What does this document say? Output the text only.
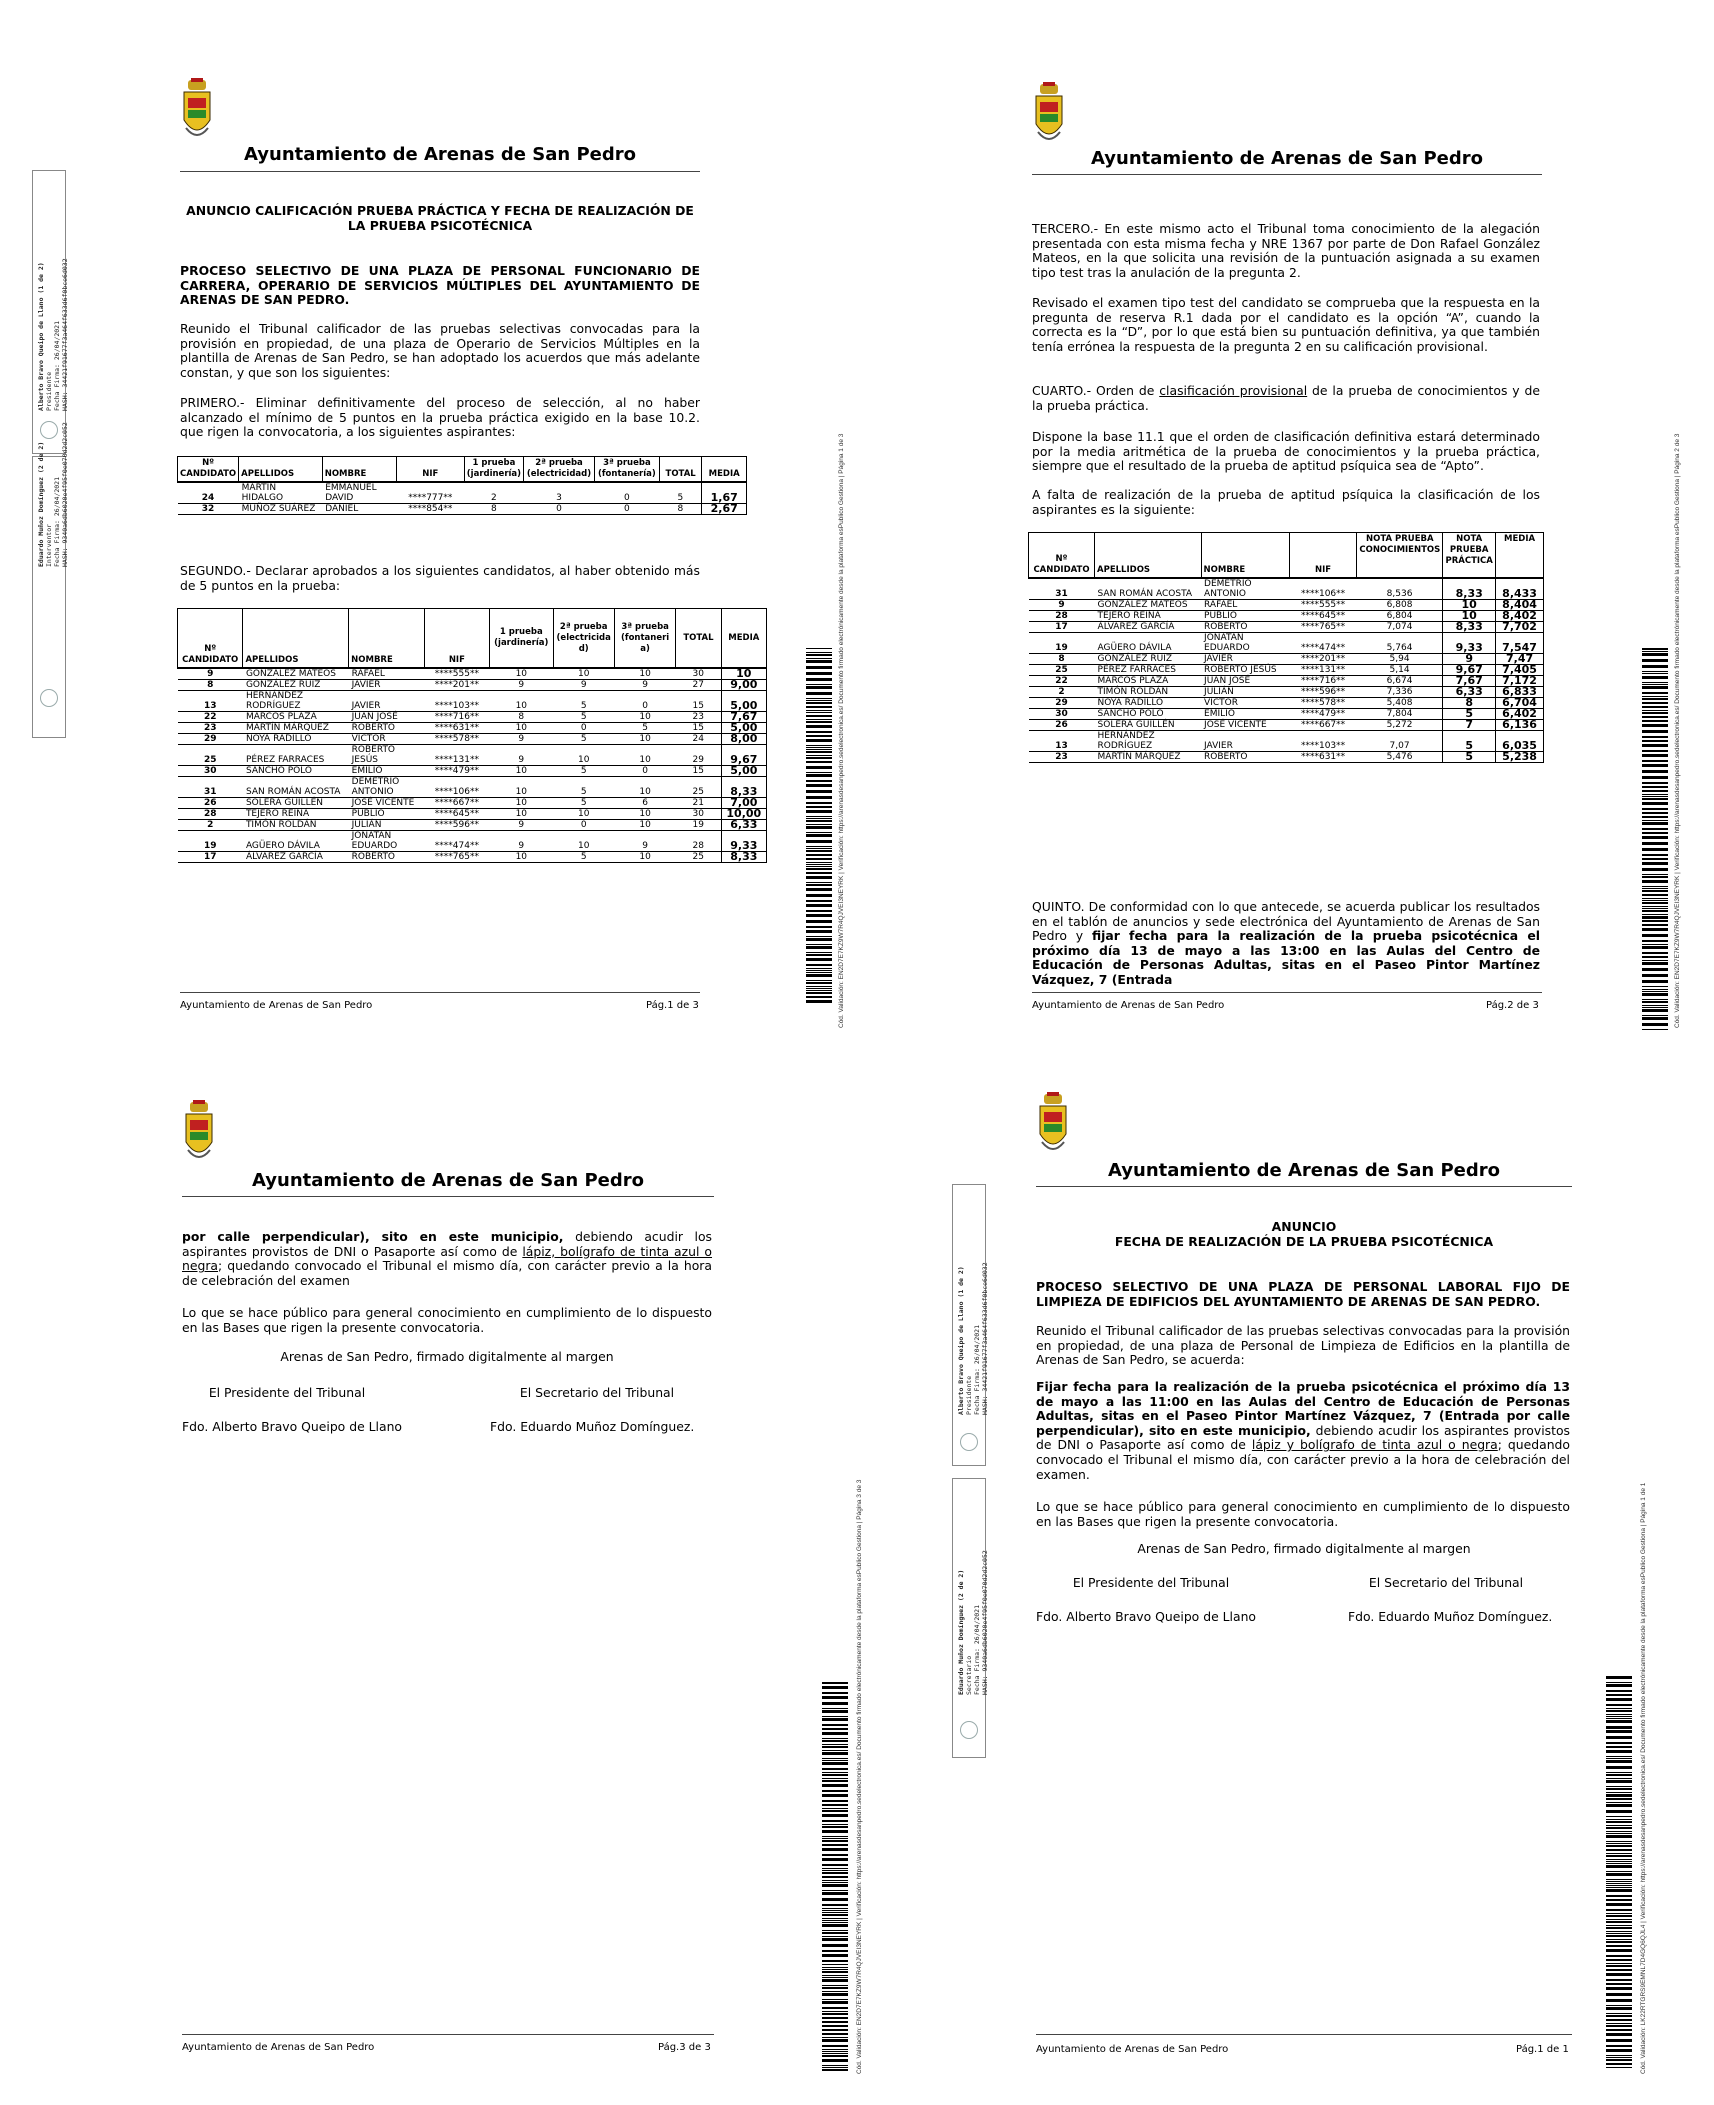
Ayuntamiento de Arenas de San Pedro
ANUNCIO CALIFICACIÓN PRUEBA PRÁCTICA Y FECHA DE REALIZACIÓN DE LA PRUEBA PSICOTÉCNICA
PROCESO SELECTIVO DE UNA PLAZA DE PERSONAL FUNCIONARIO DE CARRERA, OPERARIO DE SERVICIOS MÚLTIPLES DEL AYUNTAMIENTO DE ARENAS DE SAN PEDRO.
Reunido el Tribunal calificador de las pruebas selectivas convocadas para la provisión en propiedad, de una plaza de Operario de Servicios Múltiples en la plantilla de Arenas de San Pedro, se han adoptado los acuerdos que más adelante constan, y que son los siguientes:
PRIMERO.- Eliminar definitivamente del proceso de selección, al no haber alcanzado el mínimo de 5 puntos en la prueba práctica exigido en la base 10.2. que rigen la convocatoria, a los siguientes aspirantes:
Nº CANDIDATO	APELLIDOS	NOMBRE	NIF	1 prueba (jardinería)	2ª prueba (electricidad)	3ª prueba (fontanería)	TOTAL	MEDIA
24	MARTÍN HIDALGO	EMMANUEL DAVID	****777**	2	3	0	5	1,67
32	MUÑOZ SUÁREZ	DANIEL	****854**	8	0	0	8	2,67
SEGUNDO.- Declarar aprobados a los siguientes candidatos, al haber obtenido más de 5 puntos en la prueba:
Nº CANDIDATO	APELLIDOS	NOMBRE	NIF	1 prueba (jardinería)	2ª prueba (electricida d)	3ª prueba (fontaneri a)	TOTAL	MEDIA
9	GONZÁLEZ MATEOS	RAFAEL	****555**	10	10	10	30	10
8	GONZÁLEZ RUIZ	JAVIER	****201**	9	9	9	27	9,00
13	HERNÁNDEZ RODRÍGUEZ	JAVIER	****103**	10	5	0	15	5,00
22	MARCOS PLAZA	JUAN JOSÉ	****716**	8	5	10	23	7,67
23	MARTÍN MÁRQUEZ	ROBERTO	****631**	10	0	5	15	5,00
29	NOYA RADILLO	VICTOR	****578**	9	5	10	24	8,00
25	PÉREZ FARRACES	ROBERTO JESÚS	****131**	9	10	10	29	9,67
30	SANCHO POLO	EMILIO	****479**	10	5	0	15	5,00
31	SAN ROMÁN ACOSTA	DEMETRIO ANTONIO	****106**	10	5	10	25	8,33
26	SOLERA GUILLÉN	JOSÉ VICENTE	****667**	10	5	6	21	7,00
28	TEJERO REINA	PUBLIO	****645**	10	10	10	30	10,00
2	TIMÓN ROLDÁN	JULIÁN	****596**	9	0	10	19	6,33
19	AGÜERO DÁVILA	JONATAN EDUARDO	****474**	9	10	9	28	9,33
17	ÁLVAREZ GARCÍA	ROBERTO	****765**	10	5	10	25	8,33
Ayuntamiento de Arenas de San Pedro	Pág.1 de 3
Alberto Bravo Queipo de Llano (1 de 2) Presidente Fecha Firma: 26/04/2021 HASH: 34421f91677f3a464f633d6f0bce6d032
Eduardo Muñoz Domínguez (2 de 2) Interventor Fecha Firma: 26/04/2021 HASH: 9340a6db6020e4f95f0e070d2d2c052	Cód. Validación: EN2D7E7KZ9W7R4QJVEI3NEYRK | Verificación: https://arenasdesanpedro.sedelectronica.es/ Documento firmado electrónicamente desde la plataforma esPublico Gestiona | Página 1 de 3
Ayuntamiento de Arenas de San Pedro
TERCERO.- En este mismo acto el Tribunal toma conocimiento de la alegación presentada con esta misma fecha y NRE 1367 por parte de Don Rafael González Mateos, en la que solicita una revisión de la puntuación asignada a su examen tipo test tras la anulación de la pregunta 2.
Revisado el examen tipo test del candidato se comprueba que la respuesta en la pregunta de reserva R.1 dada por el candidato es la opción “A”, cuando la correcta es la “D”, por lo que está bien su puntuación definitiva, ya que también tenía errónea la respuesta de la pregunta 2 en su calificación provisional.
CUARTO.- Orden de clasificación provisional de la prueba de conocimientos y de la prueba práctica.
Dispone la base 11.1 que el orden de clasificación definitiva estará determinado por la media aritmética de la prueba de conocimientos y la prueba práctica, siempre que el resultado de la prueba de aptitud psíquica sea de “Apto”.
A falta de realización de la prueba de aptitud psíquica la clasificación de los aspirantes es la siguiente:
Nº CANDIDATO	APELLIDOS	NOMBRE	NIF	NOTA PRUEBA CONOCIMIENTOS	NOTA PRUEBA PRÁCTICA	MEDIA
31	SAN ROMÁN ACOSTA	DEMETRIO ANTONIO	****106**	8,536	8,33	8,433
9	GONZÁLEZ MATEOS	RAFAEL	****555**	6,808	10	8,404
28	TEJERO REINA	PUBLIO	****645**	6,804	10	8,402
17	ÁLVAREZ GARCÍA	ROBERTO	****765**	7,074	8,33	7,702
19	AGÜERO DÁVILA	JONATAN EDUARDO	****474**	5,764	9,33	7,547
8	GONZÁLEZ RUIZ	JAVIER	****201**	5,94	9	7,47
25	PÉREZ FARRACES	ROBERTO JESÚS	****131**	5,14	9,67	7,405
22	MARCOS PLAZA	JUAN JOSÉ	****716**	6,674	7,67	7,172
2	TIMÓN ROLDÁN	JULIÁN	****596**	7,336	6,33	6,833
29	NOYA RADILLO	VICTOR	****578**	5,408	8	6,704
30	SANCHO POLO	EMILIO	****479**	7,804	5	6,402
26	SOLERA GUILLÉN	JOSÉ VICENTE	****667**	5,272	7	6,136
13	HERNÁNDEZ RODRÍGUEZ	JAVIER	****103**	7,07	5	6,035
23	MARTÍN MÁRQUEZ	ROBERTO	****631**	5,476	5	5,238
QUINTO. De conformidad con lo que antecede, se acuerda publicar los resultados en el tablón de anuncios y sede electrónica del Ayuntamiento de Arenas de San Pedro y fijar fecha para la realización de la prueba psicotécnica el próximo día 13 de mayo a las 13:00 en las Aulas del Centro de Educación de Personas Adultas, sitas en el Paseo Pintor Martínez Vázquez, 7 (Entrada
Ayuntamiento de Arenas de San Pedro	Pág.2 de 3	Cód. Validación: EN2D7E7KZ9W7R4QJVEI3NEYRK | Verificación: https://arenasdesanpedro.sedelectronica.es/ Documento firmado electrónicamente desde la plataforma esPublico Gestiona | Página 2 de 3
Ayuntamiento de Arenas de San Pedro
por calle perpendicular), sito en este municipio, debiendo acudir los aspirantes provistos de DNI o Pasaporte así como de lápiz, bolígrafo de tinta azul o negra; quedando convocado el Tribunal el mismo día, con carácter previo a la hora de celebración del examen
Lo que se hace público para general conocimiento en cumplimiento de lo dispuesto en las Bases que rigen la presente convocatoria.
Arenas de San Pedro, firmado digitalmente al margen
El Presidente del Tribunal	El Secretario del Tribunal
Fdo. Alberto Bravo Queipo de Llano	Fdo. Eduardo Muñoz Domínguez.
Ayuntamiento de Arenas de San Pedro	Pág.3 de 3	Cód. Validación: EN2D7E7KZ9W7R4QJVEI3NEYRK | Verificación: https://arenasdesanpedro.sedelectronica.es/ Documento firmado electrónicamente desde la plataforma esPublico Gestiona | Página 3 de 3
Ayuntamiento de Arenas de San Pedro
ANUNCIO
FECHA DE REALIZACIÓN DE LA PRUEBA PSICOTÉCNICA
PROCESO SELECTIVO DE UNA PLAZA DE PERSONAL LABORAL FIJO DE LIMPIEZA DE EDIFICIOS DEL AYUNTAMIENTO DE ARENAS DE SAN PEDRO.
Reunido el Tribunal calificador de las pruebas selectivas convocadas para la provisión en propiedad, de una plaza de Personal de Limpieza de Edificios en la plantilla de Arenas de San Pedro, se acuerda:
Fijar fecha para la realización de la prueba psicotécnica el próximo día 13 de mayo a las 11:00 en las Aulas del Centro de Educación de Personas Adultas, sitas en el Paseo Pintor Martínez Vázquez, 7 (Entrada por calle perpendicular), sito en este municipio, debiendo acudir los aspirantes provistos de DNI o Pasaporte así como de lápiz y bolígrafo de tinta azul o negra; quedando convocado el Tribunal el mismo día, con carácter previo a la hora de celebración del examen.
Lo que se hace público para general conocimiento en cumplimiento de lo dispuesto en las Bases que rigen la presente convocatoria.
Arenas de San Pedro, firmado digitalmente al margen
El Presidente del Tribunal	El Secretario del Tribunal
Fdo. Alberto Bravo Queipo de Llano	Fdo. Eduardo Muñoz Domínguez.
Alberto Bravo Queipo de Llano (1 de 2) Presidente Fecha Firma: 26/04/2021 HASH: 34421f91677f3a464f633d6f0bce6d032
Eduardo Muñoz Domínguez (2 de 2) Secretario Fecha Firma: 26/04/2021 HASH: 9340a6db6020e4f95f0e070d2d2c052
Ayuntamiento de Arenas de San Pedro	Pág.1 de 1	Cód. Validación: LK22RTGRS9EMNL7D4GQ6QJL4 | Verificación: https://arenasdesanpedro.sedelectronica.es/ Documento firmado electrónicamente desde la plataforma esPublico Gestiona | Página 1 de 1
